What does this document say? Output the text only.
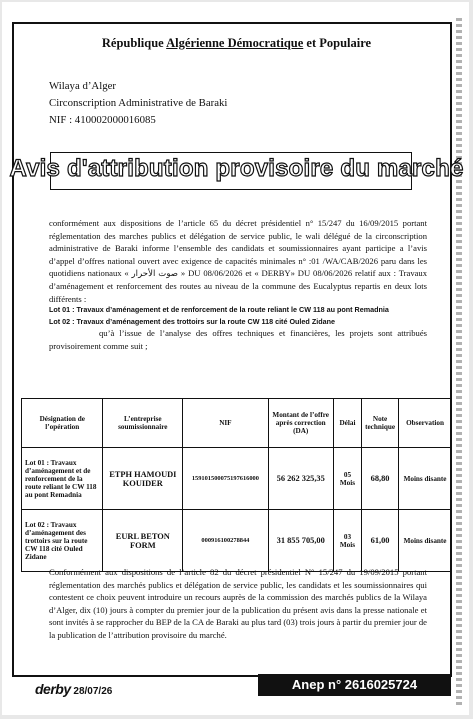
République Algérienne Démocratique et Populaire
Wilaya d’Alger
Circonscription Administrative de Baraki
NIF : 410002000016085
Avis d'attribution provisoire du marché
conformément aux dispositions de l’article 65 du décret présidentiel n° 15/247 du 16/09/2015 portant réglementation des marches publics et délégation de service public, le wali délégué de la circonscription administrative de Baraki informe l’ensemble des candidats et soumissionnaires ayant participe a l’avis d’appel d’offres national ouvert avec exigence de capacités minimales n° :01 /WA/CAB/2026 paru dans les quotidiens nationaux « صوت الأحرار » DU 08/06/2026 et « DERBY» DU 08/06/2026 relatif aux : Travaux d’aménagement et renforcement des routes au niveau de la commune des Eucalyptus repartis en deux lots différents :
Lot 01 : Travaux d’aménagement et de renforcement de la route reliant le CW 118 au pont Remadnia
Lot 02 : Travaux d’aménagement des trottoirs sur la route CW 118 cité Ouled Zidane
qu’à l’issue de l’analyse des offres techniques et financières, les projets sont attribués provisoirement comme suit ;
Désignation de l’opération	L’entreprise soumissionnaire	NIF	Montant de l’offre après correction (DA)	Délai	Note technique	Observation
Lot 01 : Travaux d’aménagement et de renforcement de la route reliant le CW 118 au pont Remadnia	ETPH HAMOUDI KOUIDER	159101500075197616000	56 262 325,35	05 Mois	68,80	Moins disante
Lot 02 : Travaux d’aménagement des trottoirs sur la route CW 118 cité Ouled Zidane	EURL BETON FORM	000916100278844	31 855 705,00	03 Mois	61,00	Moins disante
Conformément aux dispositions de l’article 82 du décret présidentiel N° 15/247 du 19/09/2015 portant réglementation des marchés publics et délégation de service public, les candidats et les soumissionnaires qui contestent ce choix peuvent introduire un recours auprès de la commission des marchés publics de la Wilaya d’Alger, dix (10) jours à compter du premier jour de la publication du présent avis dans la presse nationale et sont invités à se rapprocher du BEP de la CA de Baraki au plus tard (03) trois jours à partir du premier jour de la publication de l’attribution provisoire du marché.
derby 28/07/26	Anep n° 2616025724
